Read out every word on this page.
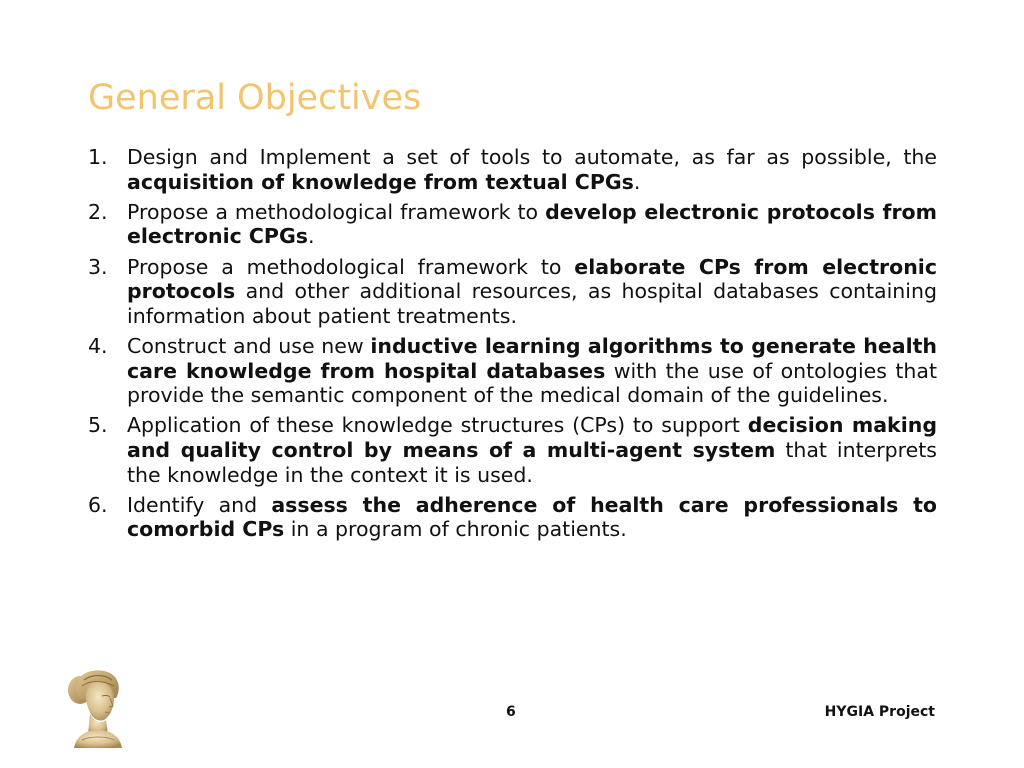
General Objectives
1. Design and Implement a set of tools to automate, as far as possible, the acquisition of knowledge from textual CPGs.
2. Propose a methodological framework to develop electronic protocols from electronic CPGs.
3. Propose a methodological framework to elaborate CPs from electronic protocols and other additional resources, as hospital databases containing information about patient treatments.
4. Construct and use new inductive learning algorithms to generate health care knowledge from hospital databases with the use of ontologies that provide the semantic component of the medical domain of the guidelines.
5. Application of these knowledge structures (CPs) to support decision making and quality control by means of a multi-agent system that interprets the knowledge in the context it is used.
6. Identify and assess the adherence of health care professionals to comorbid CPs in a program of chronic patients.
6	HYGIA Project
